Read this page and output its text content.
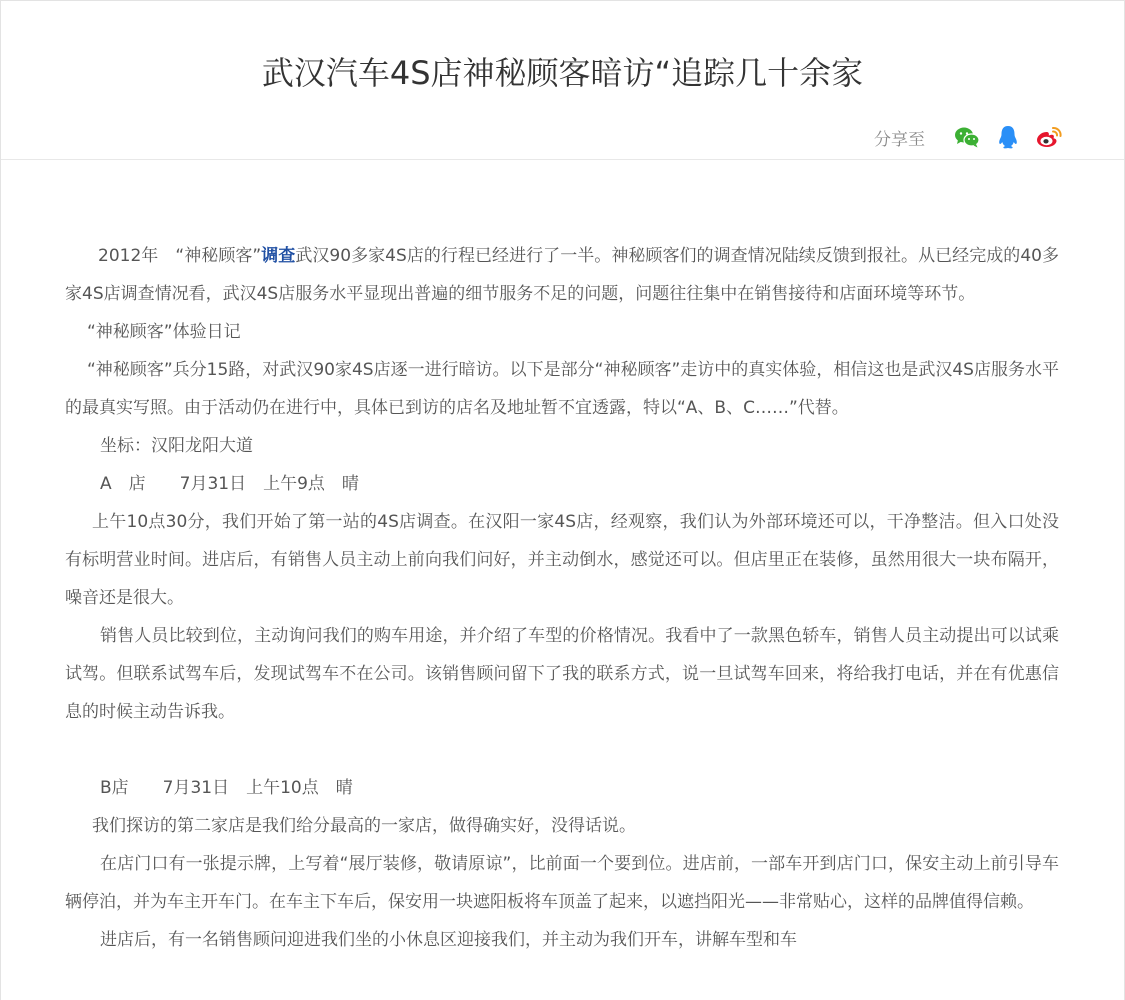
武汉汽车4S店神秘顾客暗访“追踪几十余家
分享至

2012年　“神秘顾客”调查武汉90多家4S店的行程已经进行了一半。神秘顾客们的调查情况陆续反馈到报社。从已经完成的40多家4S店调查情况看，武汉4S店服务水平显现出普遍的细节服务不足的问题，问题往往集中在销售接待和店面环境等环节。

“神秘顾客”体验日记

“神秘顾客”兵分15路，对武汉90家4S店逐一进行暗访。以下是部分“神秘顾客”走访中的真实体验，相信这也是武汉4S店服务水平的最真实写照。由于活动仍在进行中，具体已到访的店名及地址暂不宜透露，特以“A、B、C……”代替。

坐标：汉阳龙阳大道

A　店　　7月31日　上午9点　晴

上午10点30分，我们开始了第一站的4S店调查。在汉阳一家4S店，经观察，我们认为外部环境还可以，干净整洁。但入口处没有标明营业时间。进店后，有销售人员主动上前向我们问好，并主动倒水，感觉还可以。但店里正在装修，虽然用很大一块布隔开，噪音还是很大。

销售人员比较到位，主动询问我们的购车用途，并介绍了车型的价格情况。我看中了一款黑色轿车，销售人员主动提出可以试乘试驾。但联系试驾车后，发现试驾车不在公司。该销售顾问留下了我的联系方式，说一旦试驾车回来，将给我打电话，并在有优惠信息的时候主动告诉我。

B店　　7月31日　上午10点　晴

我们探访的第二家店是我们给分最高的一家店，做得确实好，没得话说。

在店门口有一张提示牌，上写着“展厅装修，敬请原谅”，比前面一个要到位。进店前，一部车开到店门口，保安主动上前引导车辆停泊，并为车主开车门。在车主下车后，保安用一块遮阳板将车顶盖了起来，以遮挡阳光——非常贴心，这样的品牌值得信赖。

进店后，有一名销售顾问迎进我们坐的小休息区迎接我们，并主动为我们开车，讲解车型和车
